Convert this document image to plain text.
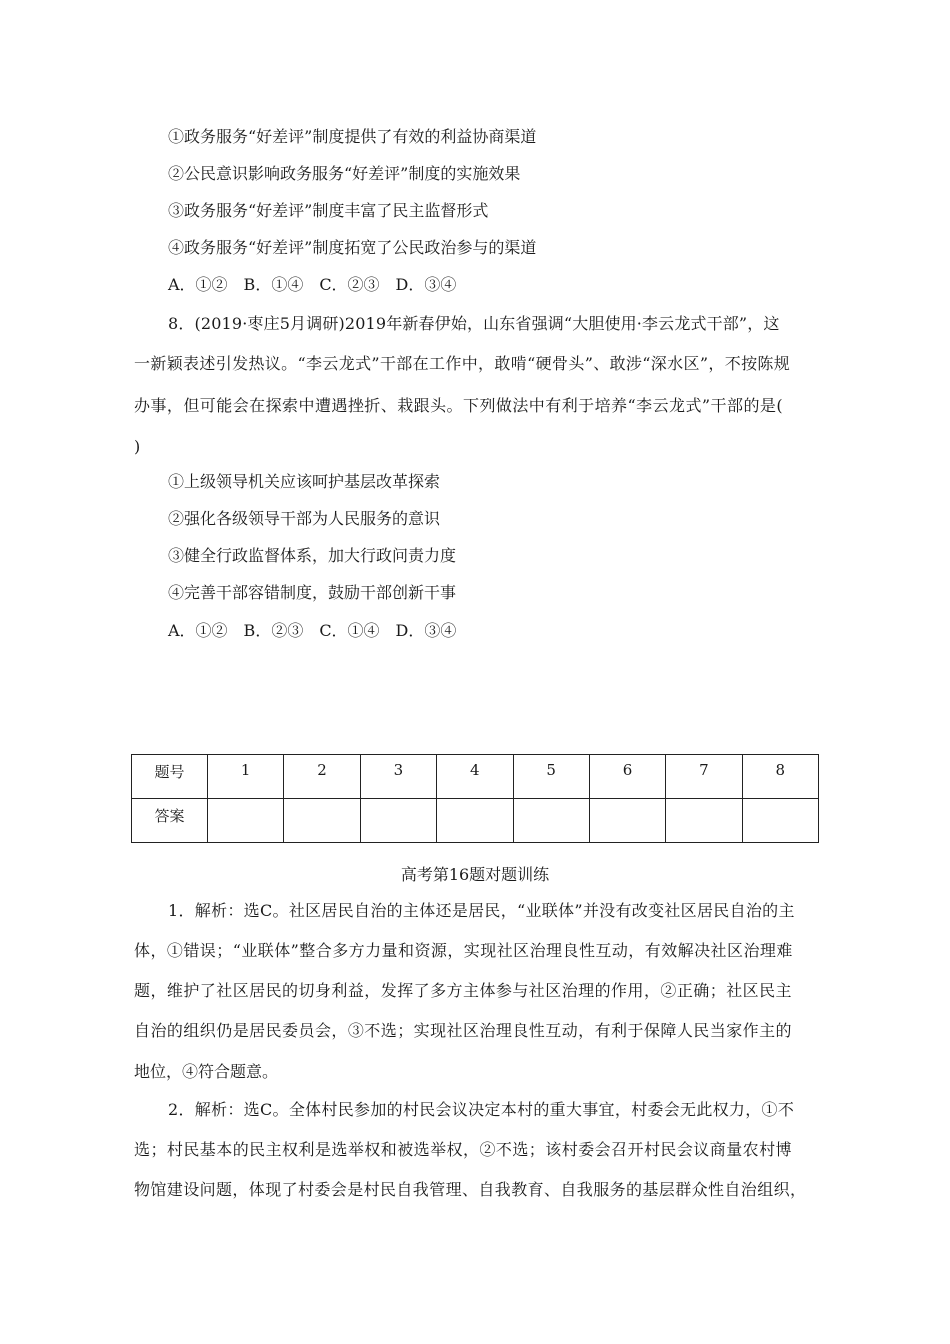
①政务服务“好差评”制度提供了有效的利益协商渠道
②公民意识影响政务服务“好差评”制度的实施效果
③政务服务“好差评”制度丰富了民主监督形式
④政务服务“好差评”制度拓宽了公民政治参与的渠道
A．①②　B．①④　C．②③　D．③④
8．(2019·枣庄5月调研)2019年新春伊始，山东省强调“大胆使用·李云龙式干部”，这
一新颖表述引发热议。“李云龙式”干部在工作中，敢啃“硬骨头”、敢涉“深水区”，不按陈规
办事，但可能会在探索中遭遇挫折、栽跟头。下列做法中有利于培养“李云龙式”干部的是(
)
①上级领导机关应该呵护基层改革探索
②强化各级领导干部为人民服务的意识
③健全行政监督体系，加大行政问责力度
④完善干部容错制度，鼓励干部创新干事
A．①②　B．②③　C．①④　D．③④
题号	1	2	3	4	5	6	7	8
答案								
高考第16题对题训练
1．解析：选C。社区居民自治的主体还是居民，“业联体”并没有改变社区居民自治的主
体，①错误；“业联体”整合多方力量和资源，实现社区治理良性互动，有效解决社区治理难
题，维护了社区居民的切身利益，发挥了多方主体参与社区治理的作用，②正确；社区民主
自治的组织仍是居民委员会，③不选；实现社区治理良性互动，有利于保障人民当家作主的
地位，④符合题意。
2．解析：选C。全体村民参加的村民会议决定本村的重大事宜，村委会无此权力，①不
选；村民基本的民主权利是选举权和被选举权，②不选；该村委会召开村民会议商量农村博
物馆建设问题，体现了村委会是村民自我管理、自我教育、自我服务的基层群众性自治组织，
